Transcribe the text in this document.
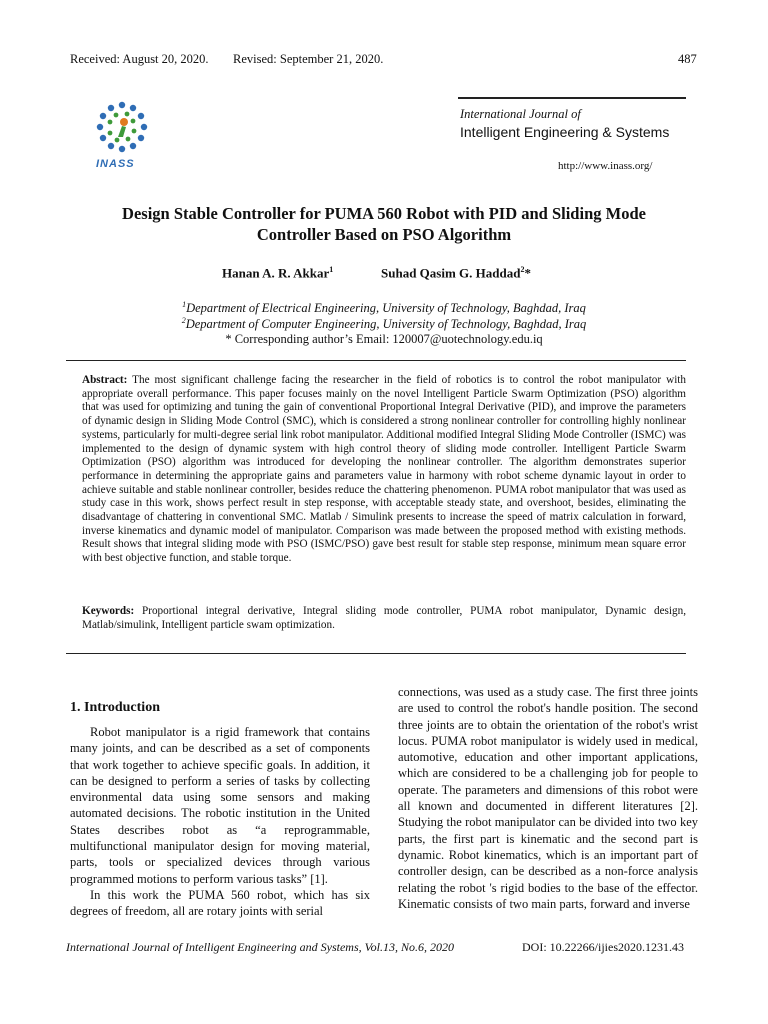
Received: August 20, 2020. Revised: September 21, 2020.	487
INASS
International Journal of
Intelligent Engineering & Systems
http://www.inass.org/
Design Stable Controller for PUMA 560 Robot with PID and Sliding Mode
Controller Based on PSO Algorithm
Hanan A. R. Akkar$^1$	Suhad Qasim G. Haddad$^2$*
$^1$Department of Electrical Engineering, University of Technology, Baghdad, Iraq
$^2$Department of Computer Engineering, University of Technology, Baghdad, Iraq
* Corresponding author’s Email: 120007@uotechnology.edu.iq
Abstract: The most significant challenge facing the researcher in the field of robotics is to control the robot manipulator with appropriate overall performance. This paper focuses mainly on the novel Intelligent Particle Swarm Optimization (PSO) algorithm that was used for optimizing and tuning the gain of conventional Proportional Integral Derivative (PID), and improve the parameters of dynamic design in Sliding Mode Control (SMC), which is considered a strong nonlinear controller for controlling highly nonlinear systems, particularly for multi-degree serial link robot manipulator. Additional modified Integral Sliding Mode Controller (ISMC) was implemented to the design of dynamic system with high control theory of sliding mode controller. Intelligent Particle Swarm Optimization (PSO) algorithm was introduced for developing the nonlinear controller. The algorithm demonstrates superior performance in determining the appropriate gains and parameters value in harmony with robot scheme dynamic layout in order to achieve suitable and stable nonlinear controller, besides reduce the chattering phenomenon. PUMA robot manipulator that was used as study case in this work, shows perfect result in step response, with acceptable steady state, and overshoot, besides, eliminating the disadvantage of chattering in conventional SMC. Matlab / Simulink presents to increase the speed of matrix calculation in forward, inverse kinematics and dynamic model of manipulator. Comparison was made between the proposed method with existing methods. Result shows that integral sliding mode with PSO (ISMC/PSO) gave best result for stable step response, minimum mean square error with best objective function, and stable torque.
Keywords: Proportional integral derivative, Integral sliding mode controller, PUMA robot manipulator, Dynamic design, Matlab/simulink, Intelligent particle swam optimization.
1. Introduction

Robot manipulator is a rigid framework that contains many joints, and can be described as a set of components that work together to achieve specific goals. In addition, it can be designed to perform a series of tasks by collecting environmental data using some sensors and making automated decisions. The robotic institution in the United States describes robot as “a reprogrammable, multifunctional manipulator design for moving material, parts, tools or specialized devices through various programmed motions to perform various tasks” [1].

In this work the PUMA 560 robot, which has six degrees of freedom, all are rotary joints with serial

connections, was used as a study case. The first three joints are used to control the robot's handle position. The second three joints are to obtain the orientation of the robot's wrist locus. PUMA robot manipulator is widely used in medical, automotive, education and other important applications, which are considered to be a challenging job for people to operate. The parameters and dimensions of this robot were all known and documented in different literatures [2]. Studying the robot manipulator can be divided into two key parts, the first part is kinematic and the second part is dynamic. Robot kinematics, which is an important part of controller design, can be described as a non-force analysis relating the robot 's rigid bodies to the base of the effector. Kinematic consists of two main parts, forward and inverse

International Journal of Intelligent Engineering and Systems, Vol.13, No.6, 2020	DOI: 10.22266/ijies2020.1231.43
